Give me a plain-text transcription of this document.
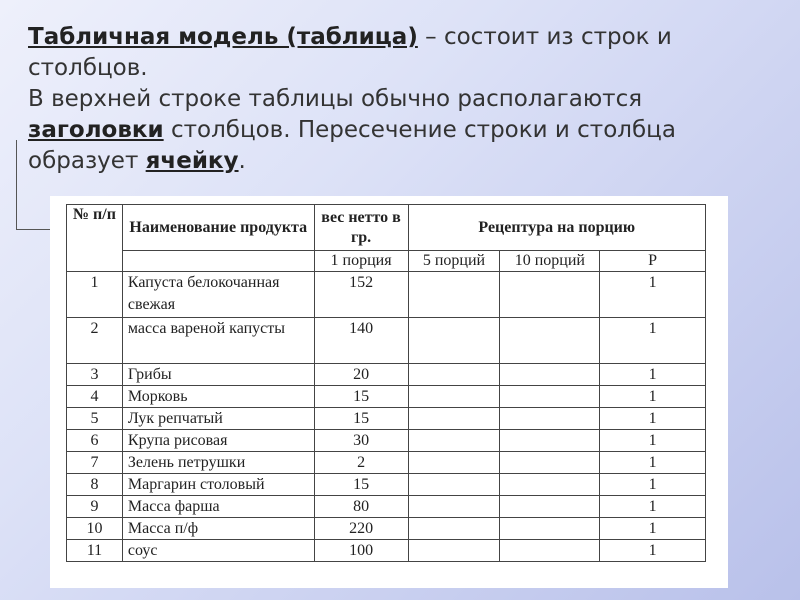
Табличная модель (таблица) – состоит из строк и столбцов.
В верхней строке таблицы обычно располагаются
заголовки столбцов. Пересечение строки и столбца образует ячейку.
№ п/п	Наименование продукта	вес нетто в гр.	Рецептура на порцию		
		1 порция	5 порций	10 порций	Р
1	Капуста белокочанная свежая	152			1
2	масса вареной капусты	140			1
3	Грибы	20			1
4	Морковь	15			1
5	Лук репчатый	15			1
6	Крупа рисовая	30			1
7	Зелень петрушки	2			1
8	Маргарин столовый	15			1
9	Масса фарша	80			1
10	Масса п/ф	220			1
11	соус	100			1
